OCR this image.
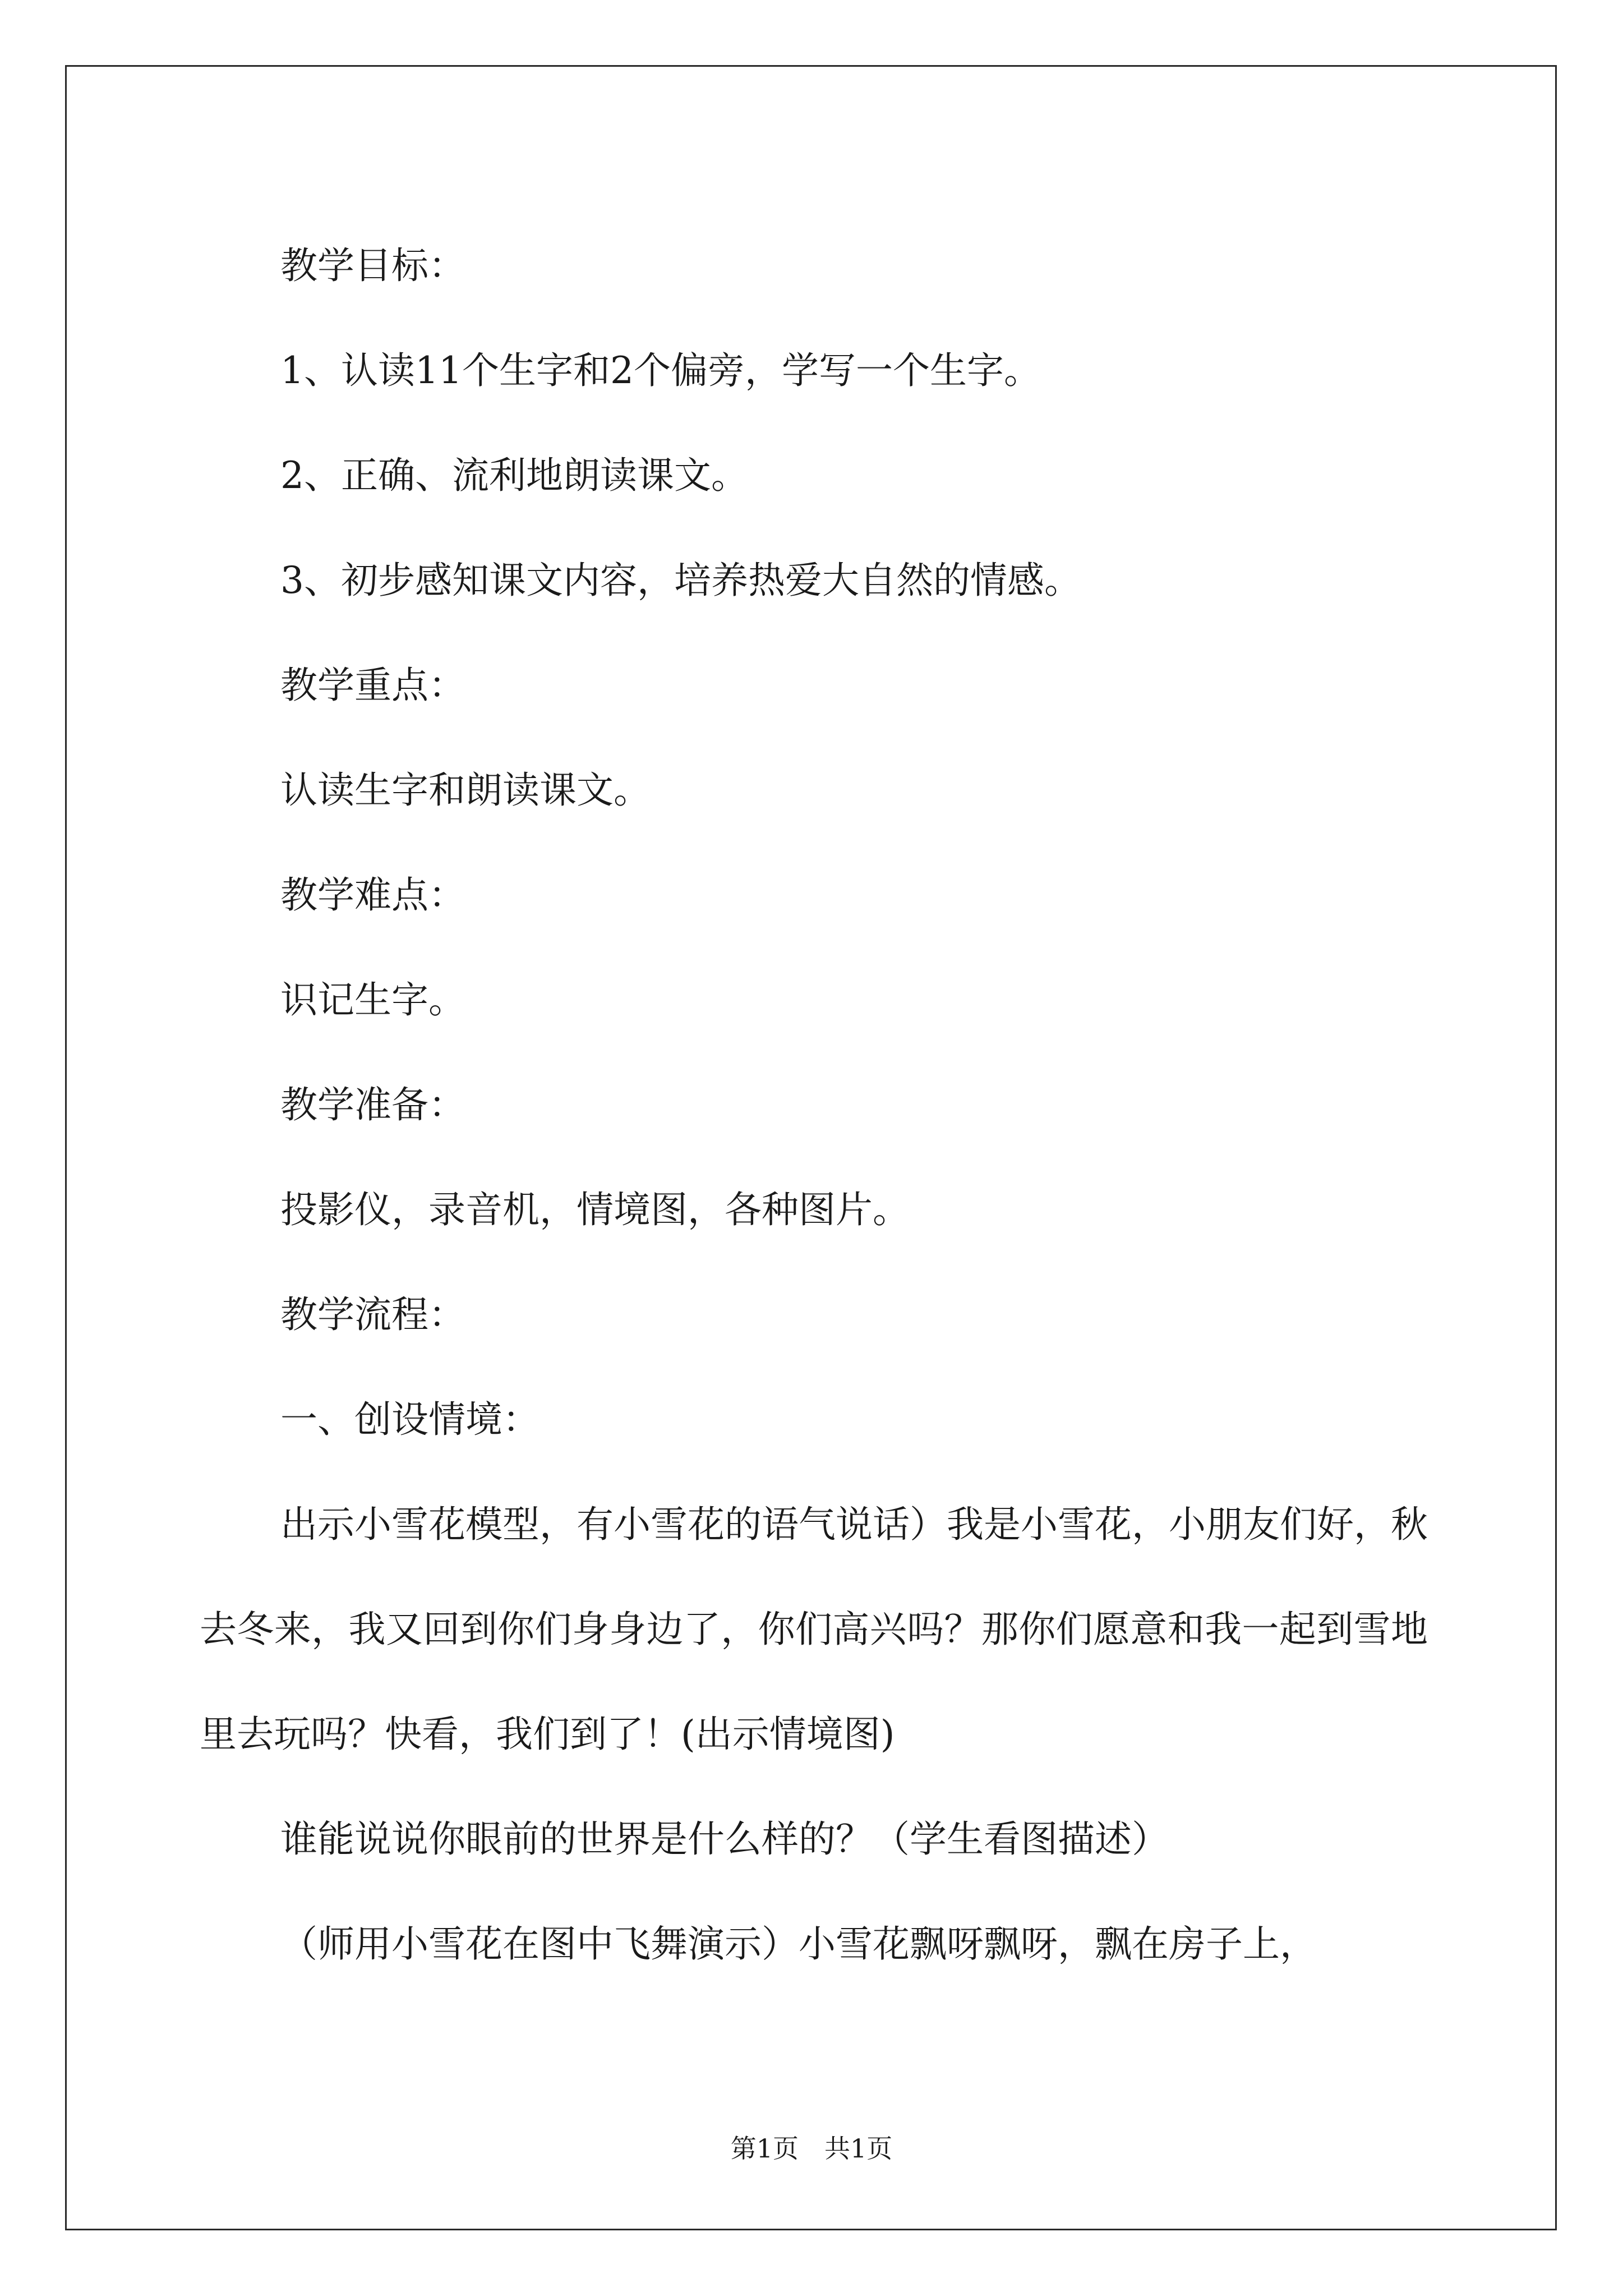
教学目标：

1、认读11个生字和2个偏旁，学写一个生字。

2、正确、流利地朗读课文。

3、初步感知课文内容，培养热爱大自然的情感。

教学重点：

认读生字和朗读课文。

教学难点：

识记生字。

教学准备：

投影仪，录音机，情境图，各种图片。

教学流程：

一、创设情境：

出示小雪花模型，有小雪花的语气说话）我是小雪花，小朋友们好，秋去冬来，我又回到你们身身边了，你们高兴吗？那你们愿意和我一起到雪地里去玩吗？快看，我们到了！(出示情境图)

谁能说说你眼前的世界是什么样的？（学生看图描述）

（师用小雪花在图中飞舞演示）小雪花飘呀飘呀，飘在房子上，

第1页　共1页
